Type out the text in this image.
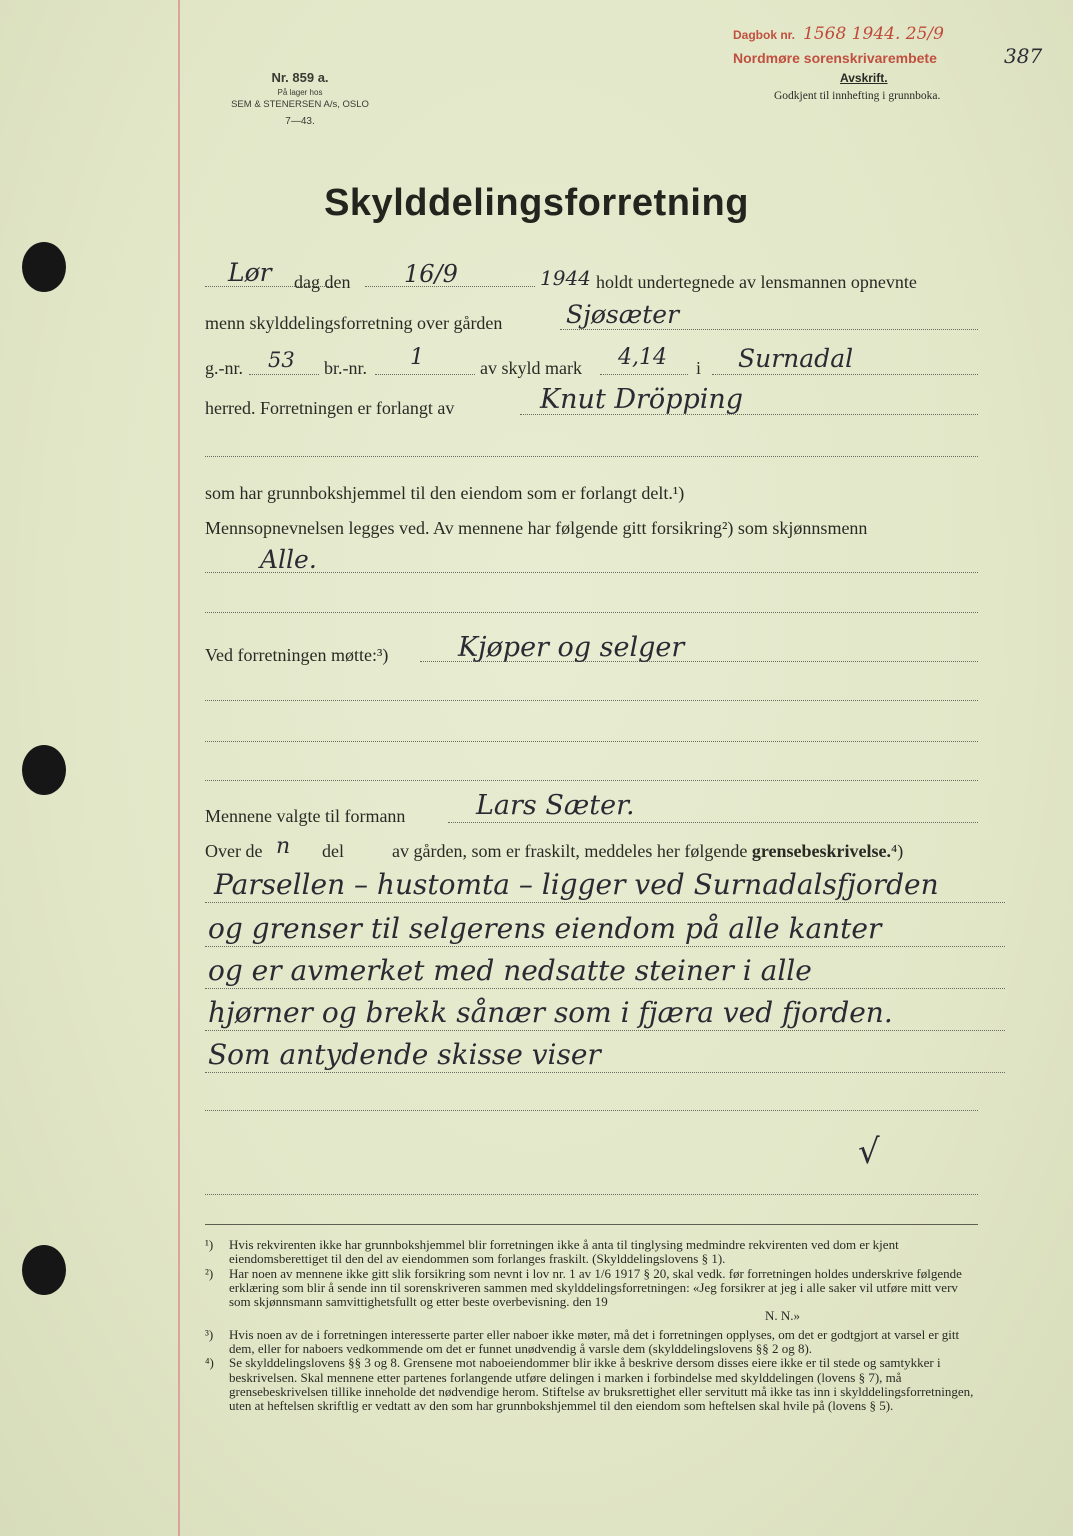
Nr. 859 a.
På lager hos
SEM & STENERSEN A/s, OSLO
7—43.
Dagbok nr. 1568 1944. 25/9
Nordmøre sorenskrivarembete	387
Avskrift.
Godkjent til innhefting i grunnboka.
Skylddelingsforretning
Lør dag den 16/9	1944 holdt undertegnede av lensmannen opnevnte
menn skylddelingsforretning over gården	Sjøsæter
g.-nr. 53 br.-nr. 1	av skyld mark 4,14 i Surnadal
herred. Forretningen er forlangt av	Knut Dröpping
som har grunnbokshjemmel til den eiendom som er forlangt delt.¹)
Mennsopnevnelsen legges ved. Av mennene har følgende gitt forsikring²) som skjønnsmenn
Alle.
Ved forretningen møtte:³)	Kjøper og selger
Mennene valgte til formann	Lars Sæter.
Over de n del	av gården, som er fraskilt, meddeles her følgende grensebeskrivelse.⁴)
Parsellen – hustomta – ligger ved Surnadalsfjorden
og grenser til selgerens eiendom på alle kanter
og er avmerket med nedsatte steiner i alle
hjørner og brekk sånær som i fjæra ved fjorden.
Som antydende skisse viser
√

¹) Hvis rekvirenten ikke har grunnbokshjemmel blir forretningen ikke å anta til tinglysing medmindre rekvirenten ved dom er kjent eiendomsberettiget til den del av eiendommen som forlanges fraskilt. (Skylddelingslovens § 1).

²) Har noen av mennene ikke gitt slik forsikring som nevnt i lov nr. 1 av 1/6 1917 § 20, skal vedk. før forretningen holdes underskrive følgende erklæring som blir å sende inn til sorenskriveren sammen med skylddelingsforretningen: «Jeg forsikrer at jeg i alle saker vil utføre mitt verv som skjønnsmann samvittighetsfullt og etter beste overbevisning. den 19

N. N.»

³) Hvis noen av de i forretningen interesserte parter eller naboer ikke møter, må det i forretningen opplyses, om det er godtgjort at varsel er gitt dem, eller for naboers vedkommende om det er funnet unødvendig å varsle dem (skylddelingslovens §§ 2 og 8).

⁴) Se skylddelingslovens §§ 3 og 8. Grensene mot naboeiendommer blir ikke å beskrive dersom disses eiere ikke er til stede og samtykker i beskrivelsen. Skal mennene etter partenes forlangende utføre delingen i marken i forbindelse med skylddelingen (lovens § 7), må grensebeskrivelsen tillike inneholde det nødvendige herom. Stiftelse av bruksrettighet eller servitutt må ikke tas inn i skylddelingsforretningen, uten at heftelsen skriftlig er vedtatt av den som har grunnbokshjemmel til den eiendom som heftelsen skal hvile på (lovens § 5).
